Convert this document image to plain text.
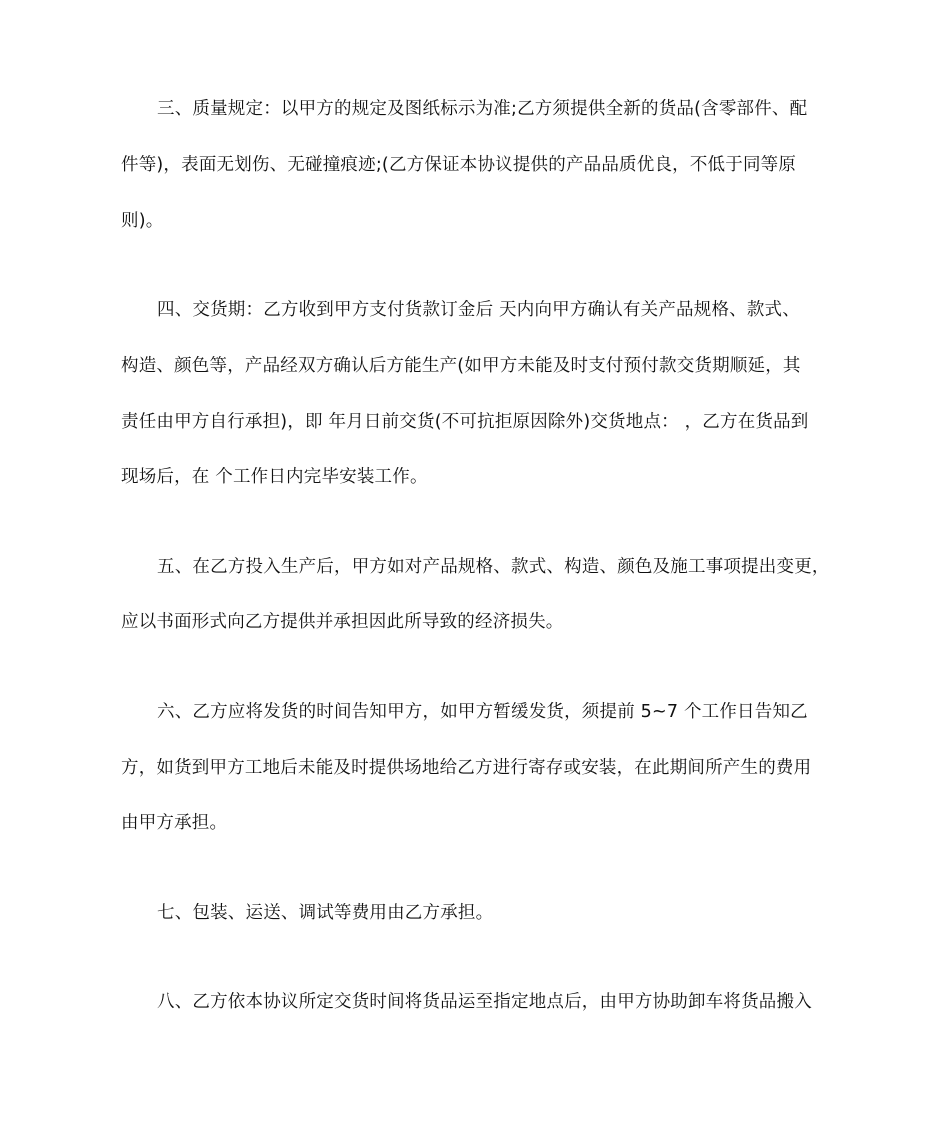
三、质量规定：以甲方的规定及图纸标示为准;乙方须提供全新的货品(含零部件、配
件等)，表面无划伤、无碰撞痕迹;(乙方保证本协议提供的产品品质优良，不低于同等原
则)。
四、交货期：乙方收到甲方支付货款订金后 天内向甲方确认有关产品规格、款式、
构造、颜色等，产品经双方确认后方能生产(如甲方未能及时支付预付款交货期顺延，其
责任由甲方自行承担)，即 年月日前交货(不可抗拒原因除外)交货地点： ，乙方在货品到
现场后，在 个工作日内完毕安装工作。
五、在乙方投入生产后，甲方如对产品规格、款式、构造、颜色及施工事项提出变更，
应以书面形式向乙方提供并承担因此所导致的经济损失。
六、乙方应将发货的时间告知甲方，如甲方暂缓发货，须提前 5~7 个工作日告知乙
方，如货到甲方工地后未能及时提供场地给乙方进行寄存或安装，在此期间所产生的费用
由甲方承担。
七、包装、运送、调试等费用由乙方承担。
八、乙方依本协议所定交货时间将货品运至指定地点后，由甲方协助卸车将货品搬入
